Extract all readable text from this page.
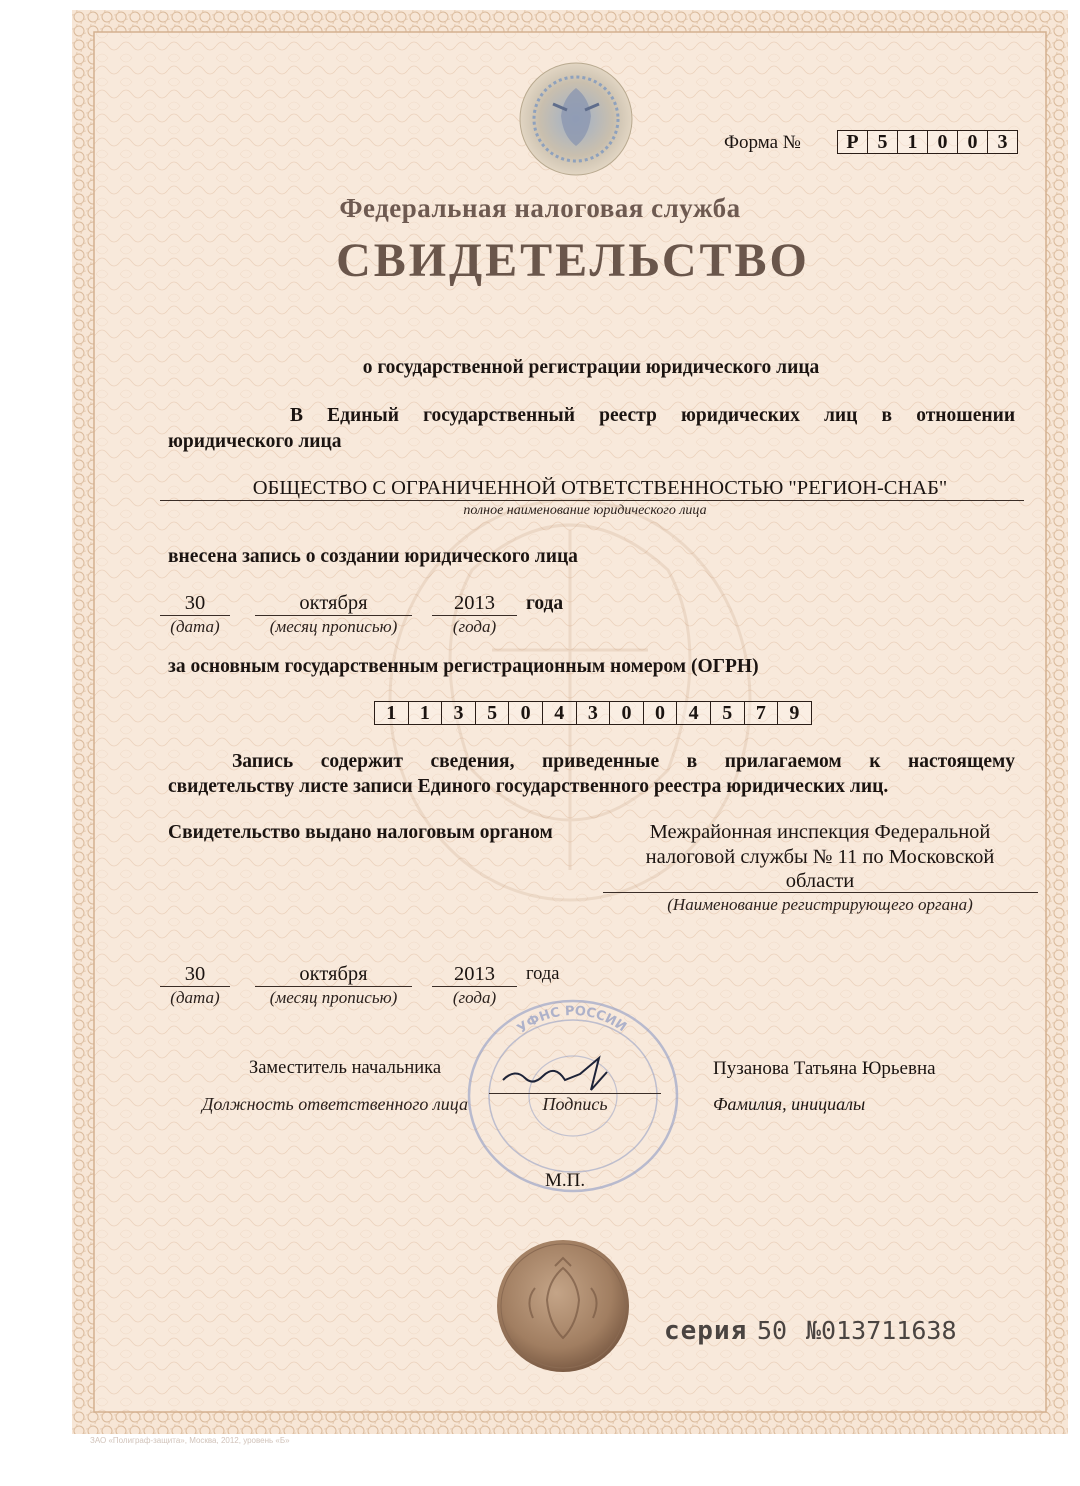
Форма №	Р 5	1	0	0	3
Федеральная налоговая служба
СВИДЕТЕЛЬСТВО
о государственной регистрации юридического лица
В Единый государственный реестр юридических лиц в отношении
юридического лица
ОБЩЕСТВО С ОГРАНИЧЕННОЙ ОТВЕТСТВЕННОСТЬЮ "РЕГИОН-СНАБ"
полное наименование юридического лица
внесена запись о создании юридического лица
30
(дата)
октября
(месяц прописью)
2013
(года)
года
за основным государственным регистрационным номером (ОГРН)
1	1	3	5	0	4	3	0	0	4	5	7	9
Запись содержит сведения, приведенные в прилагаемом к настоящему
свидетельству листе записи Единого государственного реестра юридических лиц.
Свидетельство выдано налоговым органом	Межрайонная инспекция Федеральной
налоговой службы № 11 по Московской
области
(Наименование регистрирующего органа)
30
(дата)
октября
(месяц прописью)
2013
(года)
года
УФНС РОССИИ
Заместитель начальника
Должность ответственного лица	Подпись
Пузанова Татьяна Юрьевна
Фамилия, инициалы
М.П.
серия 50 №013711638
ЗАО «Полиграф-защита», Москва, 2012, уровень «Б»
